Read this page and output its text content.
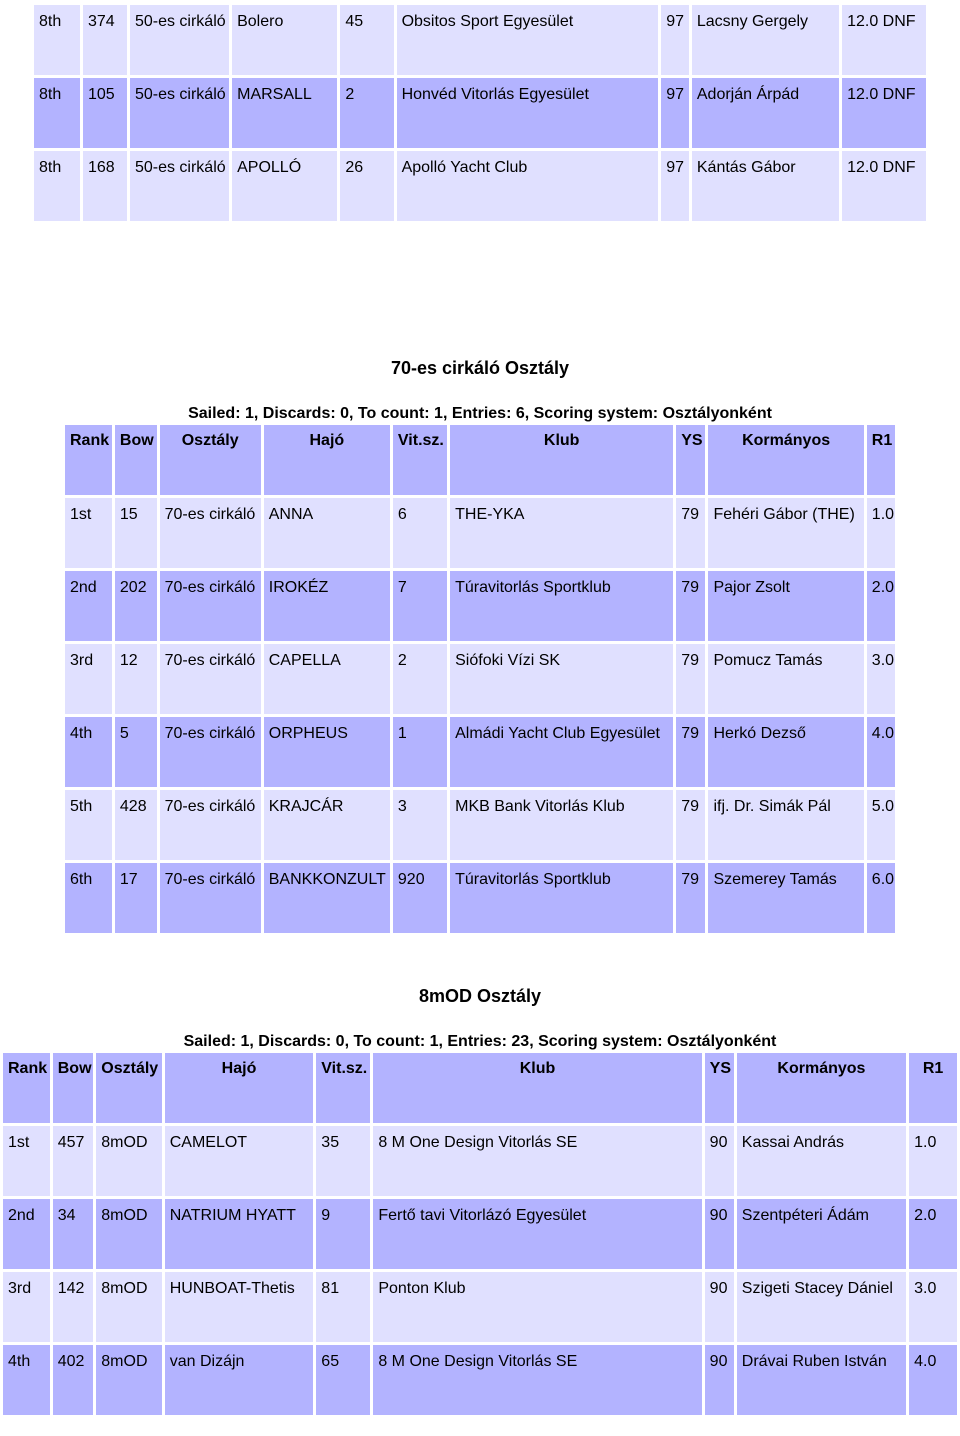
8th	374	50-es cirkáló	Bolero	45	Obsitos Sport Egyesület	97	Lacsny Gergely	12.0 DNF
8th	105	50-es cirkáló	MARSALL	2	Honvéd Vitorlás Egyesület	97	Adorján Árpád	12.0 DNF
8th	168	50-es cirkáló	APOLLÓ	26	Apolló Yacht Club	97	Kántás Gábor	12.0 DNF
70-es cirkáló Osztály
Sailed: 1, Discards: 0, To count: 1, Entries: 6, Scoring system: Osztályonként
Rank	Bow	Osztály	Hajó	Vit.sz.	Klub	YS	Kormányos	R1
1st	15	70-es cirkáló	ANNA	6	THE-YKA	79	Fehéri Gábor (THE)	1.0
2nd	202	70-es cirkáló	IROKÉZ	7	Túravitorlás Sportklub	79	Pajor Zsolt	2.0
3rd	12	70-es cirkáló	CAPELLA	2	Siófoki Vízi SK	79	Pomucz Tamás	3.0
4th	5	70-es cirkáló	ORPHEUS	1	Almádi Yacht Club Egyesület	79	Herkó Dezső	4.0
5th	428	70-es cirkáló	KRAJCÁR	3	MKB Bank Vitorlás Klub	79	ifj. Dr. Simák Pál	5.0
6th	17	70-es cirkáló	BANKKONZULT	920	Túravitorlás Sportklub	79	Szemerey Tamás	6.0
8mOD Osztály
Sailed: 1, Discards: 0, To count: 1, Entries: 23, Scoring system: Osztályonként
Rank	Bow	Osztály	Hajó	Vit.sz.	Klub	YS	Kormányos	R1
1st	457	8mOD	CAMELOT	35	8 M One Design Vitorlás SE	90	Kassai András	1.0
2nd	34	8mOD	NATRIUM HYATT	9	Fertő tavi Vitorlázó Egyesület	90	Szentpéteri Ádám	2.0
3rd	142	8mOD	HUNBOAT-Thetis	81	Ponton Klub	90	Szigeti Stacey Dániel	3.0
4th	402	8mOD	van Dizájn	65	8 M One Design Vitorlás SE	90	Drávai Ruben István	4.0
